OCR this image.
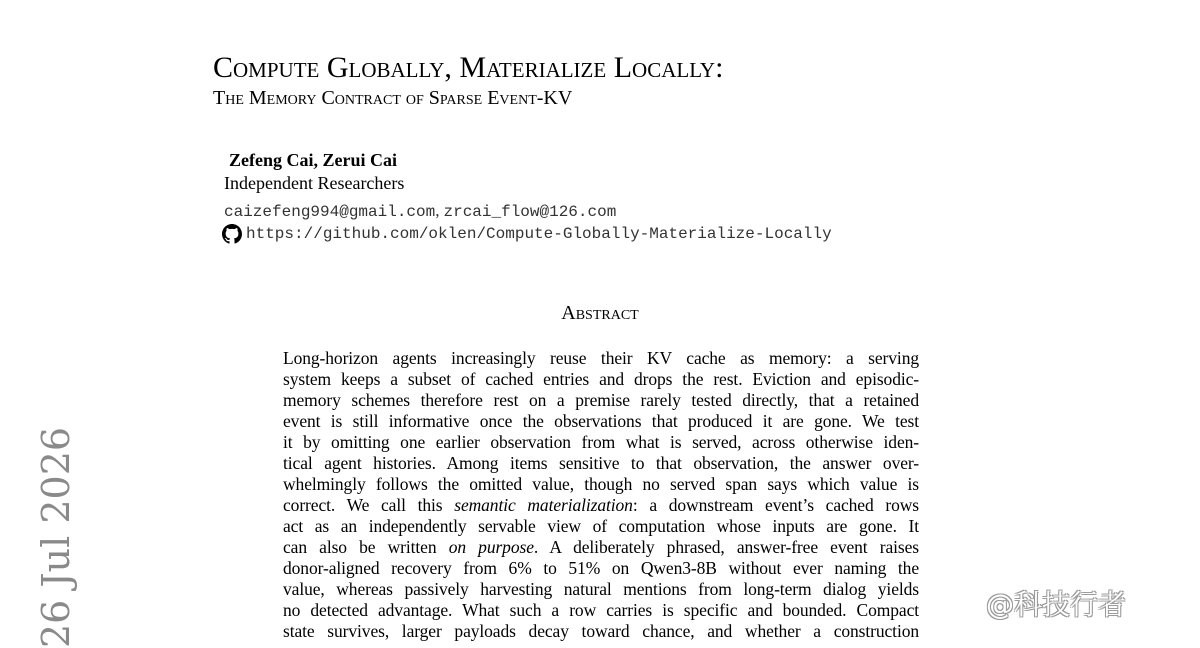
Compute Globally, Materialize Locally:
The Memory Contract of Sparse Event-KV
Zefeng Cai, Zerui Cai
Independent Researchers
caizefeng994@gmail.com, zrcai_flow@126.com
https://github.com/oklen/Compute-Globally-Materialize-Locally
Abstract
Long-horizon agents increasingly reuse their KV cache as memory: a serving
system keeps a subset of cached entries and drops the rest. Eviction and episodic-
memory schemes therefore rest on a premise rarely tested directly, that a retained
event is still informative once the observations that produced it are gone. We test
it by omitting one earlier observation from what is served, across otherwise iden-
tical agent histories. Among items sensitive to that observation, the answer over-
whelmingly follows the omitted value, though no served span says which value is
correct. We call this semantic materialization: a downstream event’s cached rows
act as an independently servable view of computation whose inputs are gone. It
can also be written on purpose. A deliberately phrased, answer-free event raises
donor-aligned recovery from 6% to 51% on Qwen3-8B without ever naming the
value, whereas passively harvesting natural mentions from long-term dialog yields
no detected advantage. What such a row carries is specific and bounded. Compact
state survives, larger payloads decay toward chance, and whether a construction
26 Jul 2026	@科技行者
